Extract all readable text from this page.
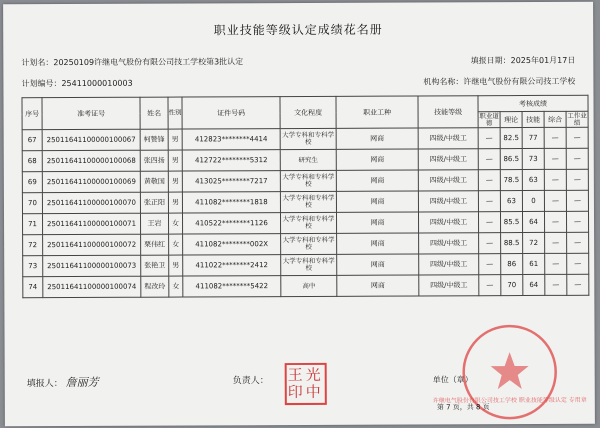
职业技能等级认定成绩花名册
计划名：20250109许继电气股份有限公司技工学校第3批认定	填报日期：2025年01月17日
计划编号：25411000010003	机构名称：许继电气股份有限公司技工学校
序号	准考证号	姓名	性别	证件号码	文化程度	职业工种	技能等级	考核成绩				
								职业道德	理论	技能	综合	工作业绩
67	25011641100000100067	柯赞锋	男	412823********4414	大学专科和专科学校	网商	四级/中级工	—	82.5	77	—	—
68	25011641100000100068	张四扬	男	412722********5312	研究生	网商	四级/中级工	—	86.5	73	—	—
69	25011641100000100069	黄敬国	男	413025********7217	大学专科和专科学校	网商	四级/中级工	—	78.5	63	—	—
70	25011641100000100070	张正阳	男	411082********1818	大学专科和专科学校	网商	四级/中级工	—	63	0	—	—
71	25011641100000100071	王岩	女	410522********1126	大学专科和专科学校	网商	四级/中级工	—	85.5	64	—	—
72	25011641100000100072	栗伟红	女	411082********002X	大学专科和专科学校	网商	四级/中级工	—	88.5	72	—	—
73	25011641100000100073	张艳卫	男	411022********2412	大学专科和专科学校	网商	四级/中级工	—	86	61	—	—
74	25011641100000100074	程改玲	女	411082********5422	高中	网商	四级/中级工	—	70	64	—	—
填报人： 詹丽芳	负责人： 王光印中
单位（章）
许继电气股份有限公司技工学校 职业技能等级认定 专用章
第 7 页，共 8 页
